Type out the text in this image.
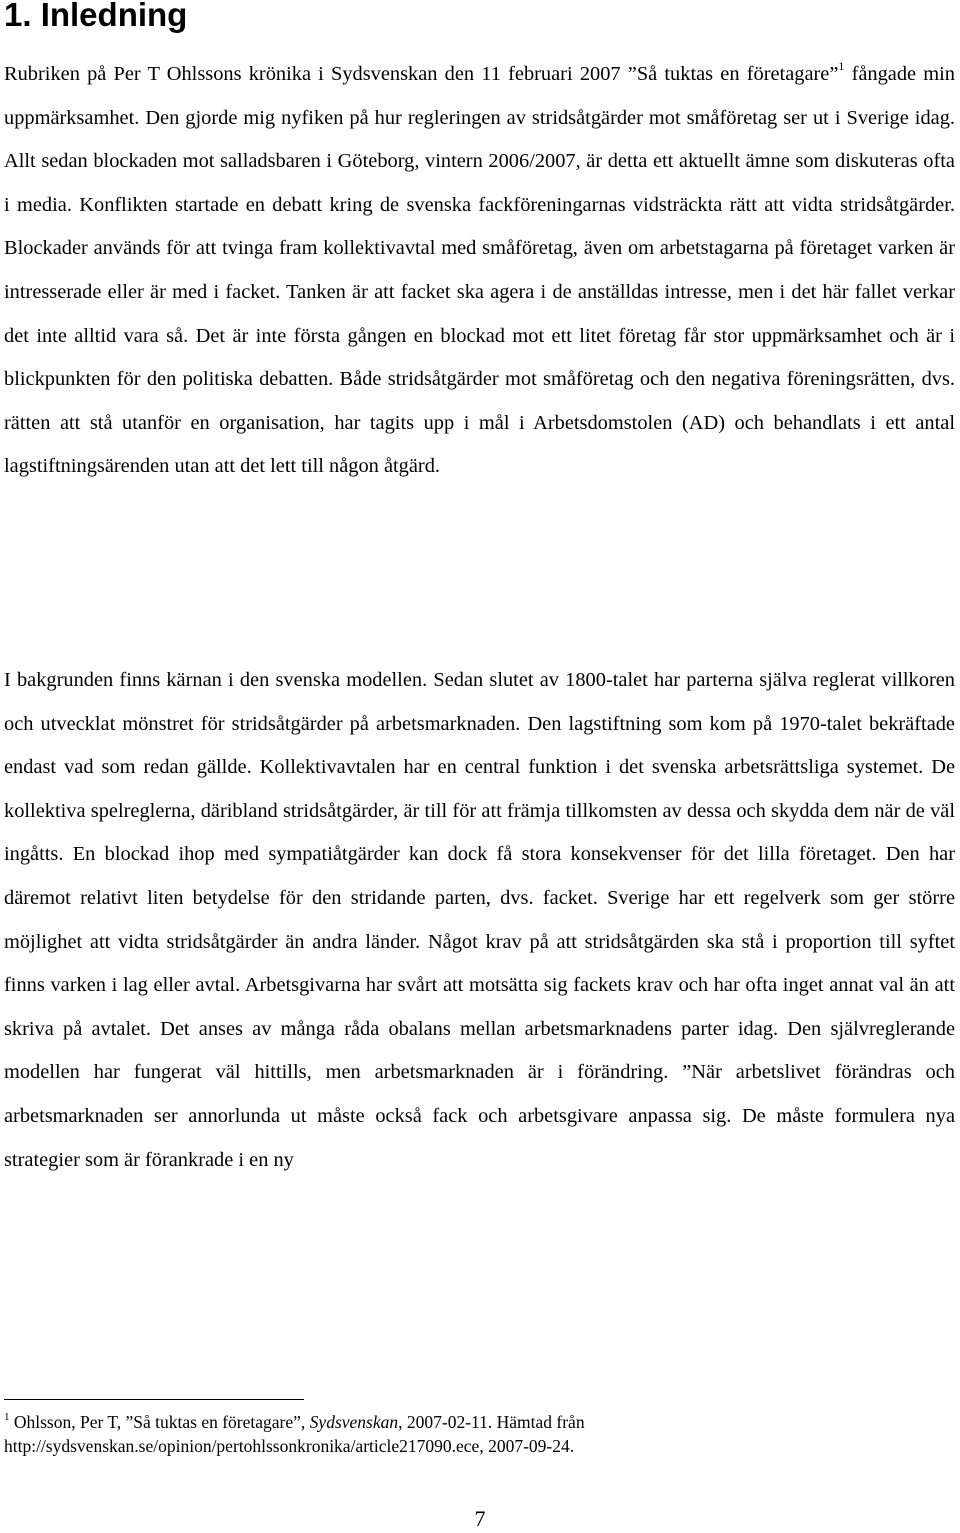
1. Inledning

Rubriken på Per T Ohlssons krönika i Sydsvenskan den 11 februari 2007 ”Så tuktas en företagare”$^1$ fångade min uppmärksamhet. Den gjorde mig nyfiken på hur regleringen av stridsåtgärder mot småföretag ser ut i Sverige idag. Allt sedan blockaden mot salladsbaren i Göteborg, vintern 2006/2007, är detta ett aktuellt ämne som diskuteras ofta i media. Konflikten startade en debatt kring de svenska fackföreningarnas vidsträckta rätt att vidta stridsåtgärder. Blockader används för att tvinga fram kollektivavtal med småföretag, även om arbetstagarna på företaget varken är intresserade eller är med i facket. Tanken är att facket ska agera i de anställdas intresse, men i det här fallet verkar det inte alltid vara så. Det är inte första gången en blockad mot ett litet företag får stor uppmärksamhet och är i blickpunkten för den politiska debatten. Både stridsåtgärder mot småföretag och den negativa föreningsrätten, dvs. rätten att stå utanför en organisation, har tagits upp i mål i Arbetsdomstolen (AD) och behandlats i ett antal lagstiftningsärenden utan att det lett till någon åtgärd.

I bakgrunden finns kärnan i den svenska modellen. Sedan slutet av 1800-talet har parterna själva reglerat villkoren och utvecklat mönstret för stridsåtgärder på arbetsmarknaden. Den lagstiftning som kom på 1970-talet bekräftade endast vad som redan gällde. Kollektivavtalen har en central funktion i det svenska arbetsrättsliga systemet. De kollektiva spelreglerna, däribland stridsåtgärder, är till för att främja tillkomsten av dessa och skydda dem när de väl ingåtts. En blockad ihop med sympatiåtgärder kan dock få stora konsekvenser för det lilla företaget. Den har däremot relativt liten betydelse för den stridande parten, dvs. facket. Sverige har ett regelverk som ger större möjlighet att vidta stridsåtgärder än andra länder. Något krav på att stridsåtgärden ska stå i proportion till syftet finns varken i lag eller avtal. Arbetsgivarna har svårt att motsätta sig fackets krav och har ofta inget annat val än att skriva på avtalet. Det anses av många råda obalans mellan arbetsmarknadens parter idag. Den självreglerande modellen har fungerat väl hittills, men arbetsmarknaden är i förändring. ”När arbetslivet förändras och arbetsmarknaden ser annorlunda ut måste också fack och arbetsgivare anpassa sig. De måste formulera nya strategier som är förankrade i en ny

$^1$ Ohlsson, Per T, ”Så tuktas en företagare”, Sydsvenskan, 2007-02-11. Hämtad från
http://sydsvenskan.se/opinion/pertohlssonkronika/article217090.ece, 2007-09-24.
7
